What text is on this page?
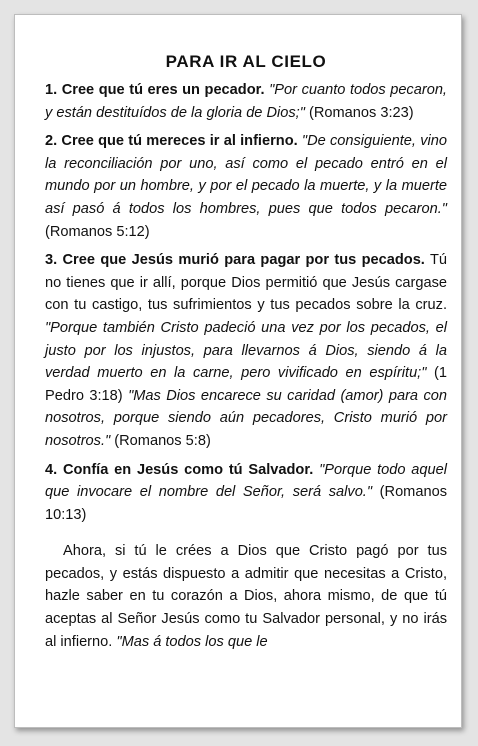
PARA IR AL CIELO

1. Cree que tú eres un pecador. "Por cuanto todos pecaron, y están destituídos de la gloria de Dios;" (Romanos 3:23)

2. Cree que tú mereces ir al infierno. "De consiguiente, vino la reconciliación por uno, así como el pecado entró en el mundo por un hombre, y por el pecado la muerte, y la muerte así pasó á todos los hombres, pues que todos pecaron." (Romanos 5:12)

3. Cree que Jesús murió para pagar por tus pecados. Tú no tienes que ir allí, porque Dios permitió que Jesús cargase con tu castigo, tus sufrimientos y tus pecados sobre la cruz. "Porque también Cristo padeció una vez por los pecados, el justo por los injustos, para llevarnos á Dios, siendo á la verdad muerto en la carne, pero vivificado en espíritu;" (1 Pedro 3:18) "Mas Dios encarece su caridad (amor) para con nosotros, porque siendo aún pecadores, Cristo murió por nosotros." (Romanos 5:8)

4. Confía en Jesús como tú Salvador. "Porque todo aquel que invocare el nombre del Señor, será salvo." (Romanos 10:13)

Ahora, si tú le crées a Dios que Cristo pagó por tus pecados, y estás dispuesto a admitir que necesitas a Cristo, hazle saber en tu corazón a Dios, ahora mismo, de que tú aceptas al Señor Jesús como tu Salvador personal, y no irás al infierno. "Mas á todos los que le
